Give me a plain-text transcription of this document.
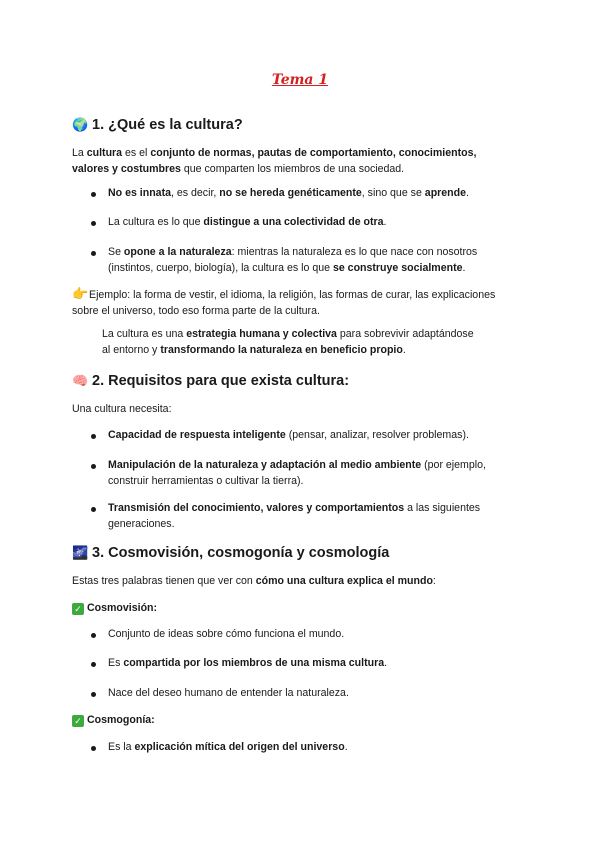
Tema 1
🌍 1. ¿Qué es la cultura?
La cultura es el conjunto de normas, pautas de comportamiento, conocimientos,
valores y costumbres que comparten los miembros de una sociedad.
No es innata, es decir, no se hereda genéticamente, sino que se aprende.
La cultura es lo que distingue a una colectividad de otra.
Se opone a la naturaleza: mientras la naturaleza es lo que nace con nosotros
(instintos, cuerpo, biología), la cultura es lo que se construye socialmente.
👉Ejemplo: la forma de vestir, el idioma, la religión, las formas de curar, las explicaciones
sobre el universo, todo eso forma parte de la cultura.
La cultura es una estrategia humana y colectiva para sobrevivir adaptándose
al entorno y transformando la naturaleza en beneficio propio.
🧠 2. Requisitos para que exista cultura:
Una cultura necesita:
Capacidad de respuesta inteligente (pensar, analizar, resolver problemas).
Manipulación de la naturaleza y adaptación al medio ambiente (por ejemplo,
construir herramientas o cultivar la tierra).
Transmisión del conocimiento, valores y comportamientos a las siguientes
generaciones.
🌌 3. Cosmovisión, cosmogonía y cosmología
Estas tres palabras tienen que ver con cómo una cultura explica el mundo:
✓ Cosmovisión:
Conjunto de ideas sobre cómo funciona el mundo.
Es compartida por los miembros de una misma cultura.
Nace del deseo humano de entender la naturaleza.
✓ Cosmogonía:
Es la explicación mítica del origen del universo.
